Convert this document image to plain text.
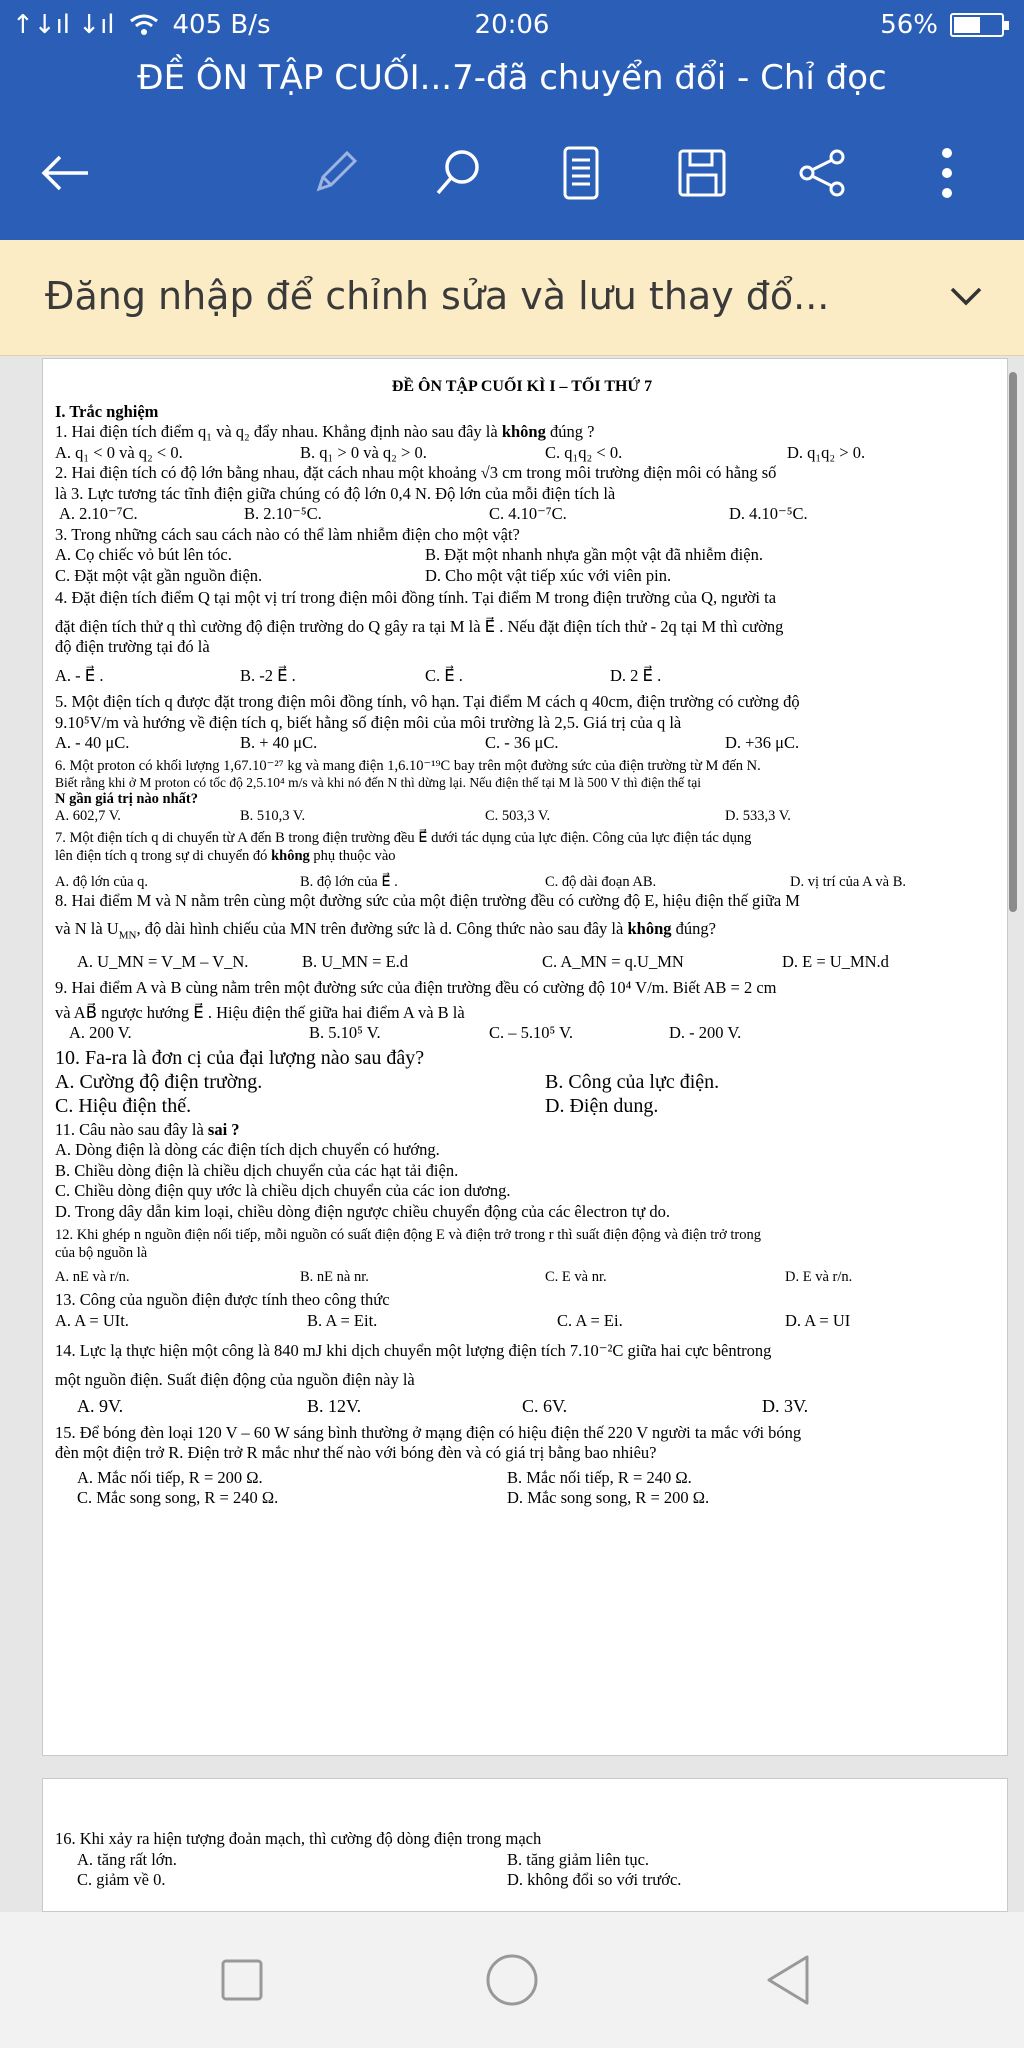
↑↓ıl ↓ıl 405 B/s	20:06	56%
ĐỀ ÔN TẬP CUỐI...7-đã chuyển đổi - Chỉ đọc
Đăng nhập để chỉnh sửa và lưu thay đổ...
ĐỀ ÔN TẬP CUỐI KÌ I – TỐI THỨ 7
I. Trắc nghiệm
1. Hai điện tích điểm q₁ và q₂ đẩy nhau. Khẳng định nào sau đây là không đúng ?
A. q₁ < 0 và q₂ < 0.	B. q₁ > 0 và q₂ > 0.	C. q₁q₂ < 0.	D. q₁q₂ > 0.
2. Hai điện tích có độ lớn bằng nhau, đặt cách nhau một khoảng √3 cm trong môi trường điện môi có hằng số
là 3. Lực tương tác tĩnh điện giữa chúng có độ lớn 0,4 N. Độ lớn của mỗi điện tích là
A. 2.10⁻⁷C.	B. 2.10⁻⁵C.	C. 4.10⁻⁷C.	D. 4.10⁻⁵C.
3. Trong những cách sau cách nào có thể làm nhiễm điện cho một vật?
A. Cọ chiếc vỏ bút lên tóc.	B. Đặt một nhanh nhựa gần một vật đã nhiễm điện.
C. Đặt một vật gần nguồn điện.	D. Cho một vật tiếp xúc với viên pin.
4. Đặt điện tích điểm Q tại một vị trí trong điện môi đồng tính. Tại điểm M trong điện trường của Q, người ta
đặt điện tích thử q thì cường độ điện trường do Q gây ra tại M là E⃗ . Nếu đặt điện tích thử - 2q tại M thì cường
độ điện trường tại đó là
A. - E⃗ .	B. -2 E⃗ .	C. E⃗ .	D. 2 E⃗ .
5. Một điện tích q được đặt trong điện môi đồng tính, vô hạn. Tại điểm M cách q 40cm, điện trường có cường độ
9.10⁵V/m và hướng về điện tích q, biết hằng số điện môi của môi trường là 2,5. Giá trị của q là
A. - 40 μC.	B. + 40 μC.	C. - 36 μC.	D. +36 μC.
6. Một proton có khối lượng 1,67.10⁻²⁷ kg và mang điện 1,6.10⁻¹⁹C bay trên một đường sức của điện trường từ M đến N.
Biết rằng khi ở M proton có tốc độ 2,5.10⁴ m/s và khi nó đến N thì dừng lại. Nếu điện thế tại M là 500 V thì điện thế tại
N gần giá trị nào nhất?
A. 602,7 V.	B. 510,3 V.	C. 503,3 V.	D. 533,3 V.
7. Một điện tích q di chuyển từ A đến B trong điện trường đều E⃗ dưới tác dụng của lực điện. Công của lực điện tác dụng
lên điện tích q trong sự di chuyển đó không phụ thuộc vào
A. độ lớn của q.	B. độ lớn của E⃗ .	C. độ dài đoạn AB.	D. vị trí của A và B.
8. Hai điểm M và N nằm trên cùng một đường sức của một điện trường đều có cường độ E, hiệu điện thế giữa M
và N là $U_{MN}$, độ dài hình chiếu của MN trên đường sức là d. Công thức nào sau đây là không đúng?
A. U_MN = V_M – V_N.	B. U_MN = E.d	C. A_MN = q.U_MN	D. E = U_MN.d
9. Hai điểm A và B cùng nằm trên một đường sức của điện trường đều có cường độ 10⁴ V/m. Biết AB = 2 cm
và AB⃗ ngược hướng E⃗ . Hiệu điện thế giữa hai điểm A và B là
A. 200 V.	B. 5.10⁵ V.	C. – 5.10⁵ V.	D. - 200 V.
10. Fa-ra là đơn cị của đại lượng nào sau đây?
A. Cường độ điện trường.	B. Công của lực điện.
C. Hiệu điện thế.	D. Điện dung.
11. Câu nào sau đây là sai ?
A. Dòng điện là dòng các điện tích dịch chuyển có hướng.
B. Chiều dòng điện là chiều dịch chuyển của các hạt tải điện.
C. Chiều dòng điện quy ước là chiều dịch chuyển của các ion dương.
D. Trong dây dẫn kim loại, chiều dòng điện ngược chiều chuyển động của các êlectron tự do.
12. Khi ghép n nguồn điện nối tiếp, mỗi nguồn có suất điện động E và điện trở trong r thì suất điện động và điện trở trong
của bộ nguồn là
A. nE và r/n.	B. nE nà nr.	C. E và nr.	D. E và r/n.
13. Công của nguồn điện được tính theo công thức
A. A = UIt.	B. A = Eit.	C. A = Ei.	D. A = UI
14. Lực lạ thực hiện một công là 840 mJ khi dịch chuyển một lượng điện tích 7.10⁻²C giữa hai cực bêntrong
một nguồn điện. Suất điện động của nguồn điện này là
A. 9V.	B. 12V.	C. 6V.	D. 3V.
15. Để bóng đèn loại 120 V – 60 W sáng bình thường ở mạng điện có hiệu điện thế 220 V người ta mắc với bóng
đèn một điện trở R. Điện trở R mắc như thế nào với bóng đèn và có giá trị bằng bao nhiêu?
A. Mắc nối tiếp, R = 200 Ω.	B. Mắc nối tiếp, R = 240 Ω.
C. Mắc song song, R = 240 Ω.	D. Mắc song song, R = 200 Ω.
16. Khi xảy ra hiện tượng đoản mạch, thì cường độ dòng điện trong mạch
A. tăng rất lớn.	B. tăng giảm liên tục.
C. giảm về 0.	D. không đổi so với trước.
